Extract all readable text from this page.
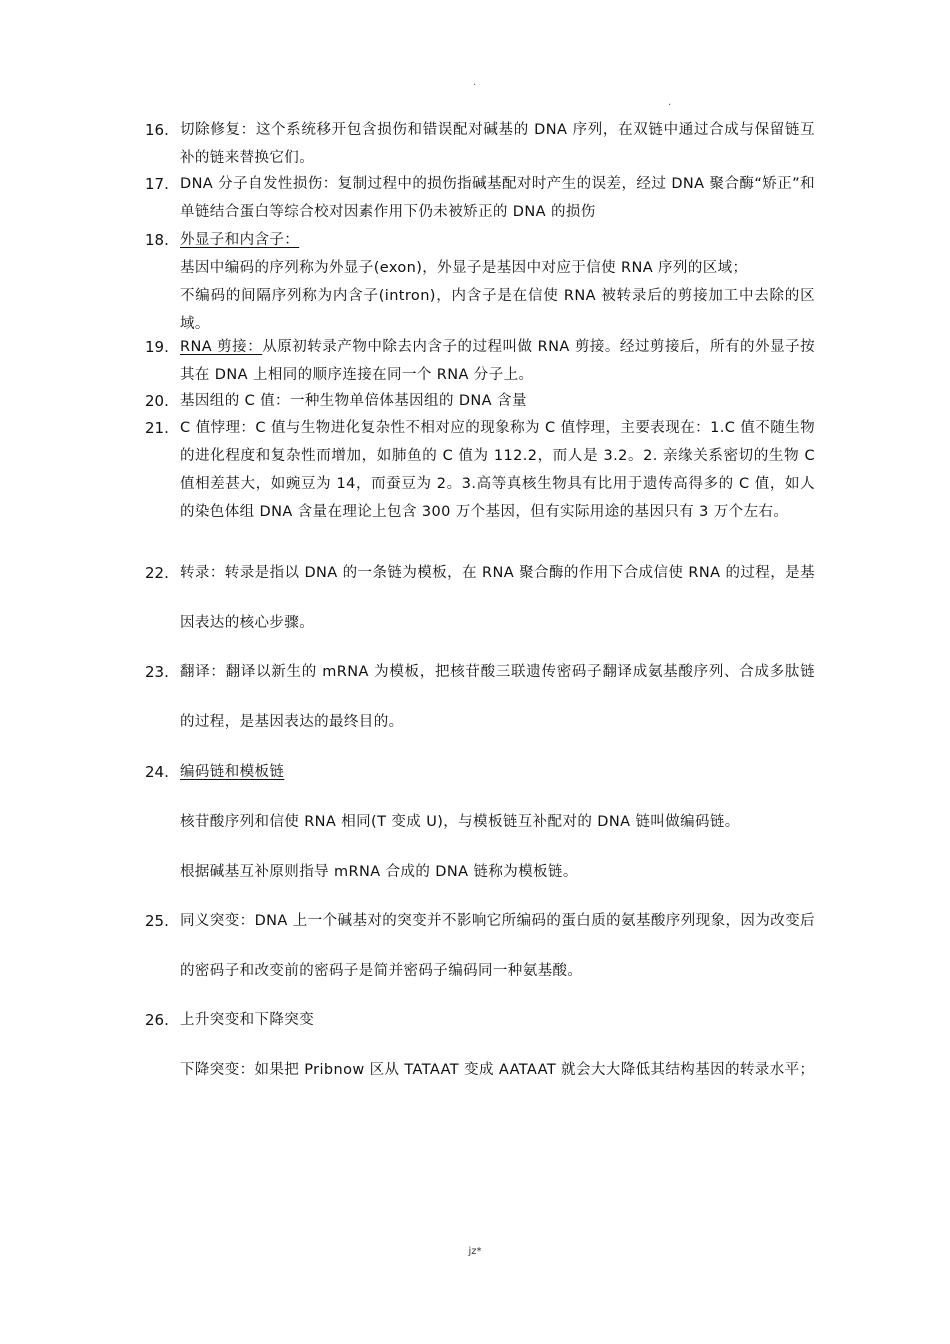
.
.
16. 切除修复：这个系统移开包含损伤和错误配对碱基的 DNA 序列，在双链中通过合成与保留链互补的链来替换它们。
17. DNA 分子自发性损伤：复制过程中的损伤指碱基配对时产生的误差，经过 DNA 聚合酶“矫正”和单链结合蛋白等综合校对因素作用下仍未被矫正的 DNA 的损伤
18. 外显子和内含子：
基因中编码的序列称为外显子(exon)，外显子是基因中对应于信使 RNA 序列的区域；
不编码的间隔序列称为内含子(intron)，内含子是在信使 RNA 被转录后的剪接加工中去除的区域。
19. RNA 剪接：从原初转录产物中除去内含子的过程叫做 RNA 剪接。经过剪接后，所有的外显子按其在 DNA 上相同的顺序连接在同一个 RNA 分子上。
20. 基因组的 C 值：一种生物单倍体基因组的 DNA 含量
21. C 值悖理：C 值与生物进化复杂性不相对应的现象称为 C 值悖理，主要表现在：1.C 值不随生物的进化程度和复杂性而增加，如肺鱼的 C 值为 112.2，而人是 3.2。2. 亲缘关系密切的生物 C 值相差甚大，如豌豆为 14，而蚕豆为 2。3.高等真核生物具有比用于遗传高得多的 C 值，如人的染色体组 DNA 含量在理论上包含 300 万个基因，但有实际用途的基因只有 3 万个左右。
22. 转录：转录是指以 DNA 的一条链为模板，在 RNA 聚合酶的作用下合成信使 RNA 的过程，是基因表达的核心步骤。
23. 翻译：翻译以新生的 mRNA 为模板，把核苷酸三联遗传密码子翻译成氨基酸序列、合成多肽链的过程，是基因表达的最终目的。
24. 编码链和模板链
核苷酸序列和信使 RNA 相同(T 变成 U)，与模板链互补配对的 DNA 链叫做编码链。
根据碱基互补原则指导 mRNA 合成的 DNA 链称为模板链。
25. 同义突变：DNA 上一个碱基对的突变并不影响它所编码的蛋白质的氨基酸序列现象，因为改变后的密码子和改变前的密码子是简并密码子编码同一种氨基酸。
26. 上升突变和下降突变
下降突变：如果把 Pribnow 区从 TATAAT 变成 AATAAT 就会大大降低其结构基因的转录水平；
jz*
